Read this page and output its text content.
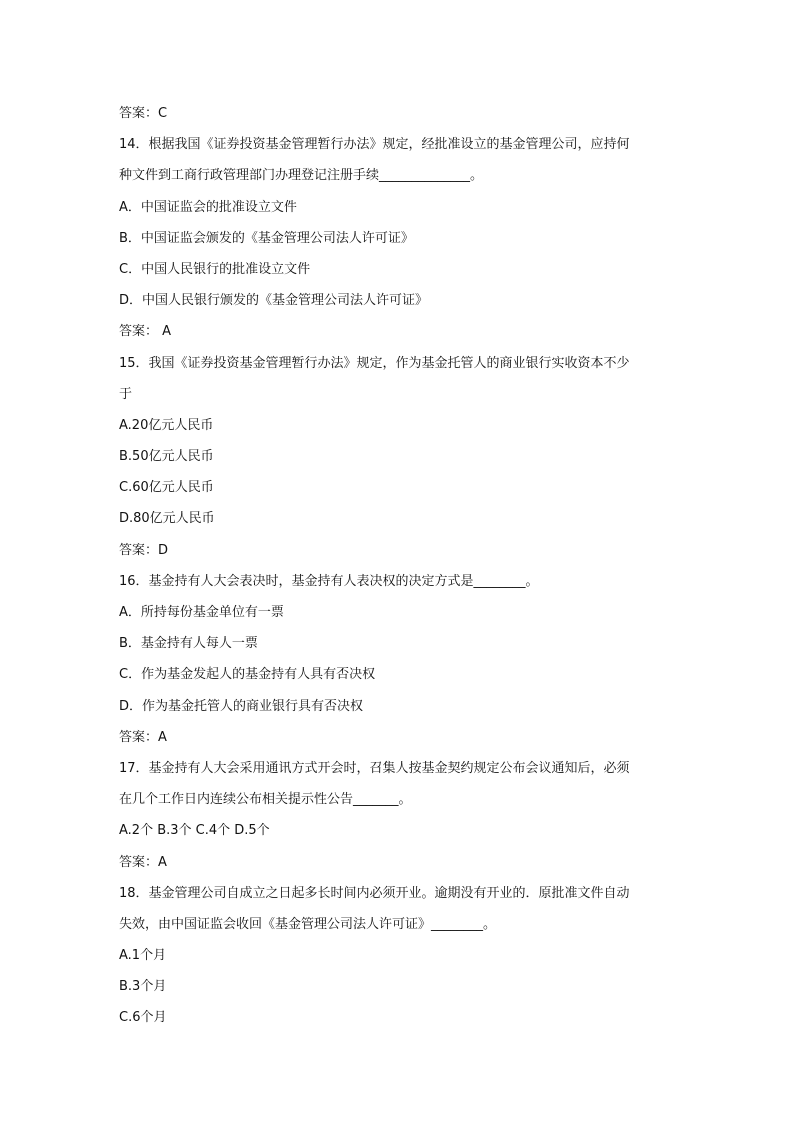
答案：C
14．根据我国《证券投资基金管理暂行办法》规定，经批准设立的基金管理公司，应持何
种文件到工商行政管理部门办理登记注册手续______________。
A．中国证监会的批准设立文件
B．中国证监会颁发的《基金管理公司法人许可证》
C．中国人民银行的批准设立文件
D．中国人民银行颁发的《基金管理公司法人许可证》
答案： A
15．我国《证券投资基金管理暂行办法》规定，作为基金托管人的商业银行实收资本不少
于
A.20亿元人民币
B.50亿元人民币
C.60亿元人民币
D.80亿元人民币
答案：D
16．基金持有人大会表决时，基金持有人表决权的决定方式是________。
A．所持每份基金单位有一票
B．基金持有人每人一票
C．作为基金发起人的基金持有人具有否决权
D．作为基金托管人的商业银行具有否决权
答案：A
17．基金持有人大会采用通讯方式开会时，召集人按基金契约规定公布会议通知后，必须
在几个工作日内连续公布相关提示性公告_______。
A.2个 B.3个 C.4个 D.5个
答案：A
18．基金管理公司自成立之日起多长时间内必须开业。逾期没有开业的．原批准文件自动
失效，由中国证监会收回《基金管理公司法人许可证》________。
A.1个月
B.3个月
C.6个月
